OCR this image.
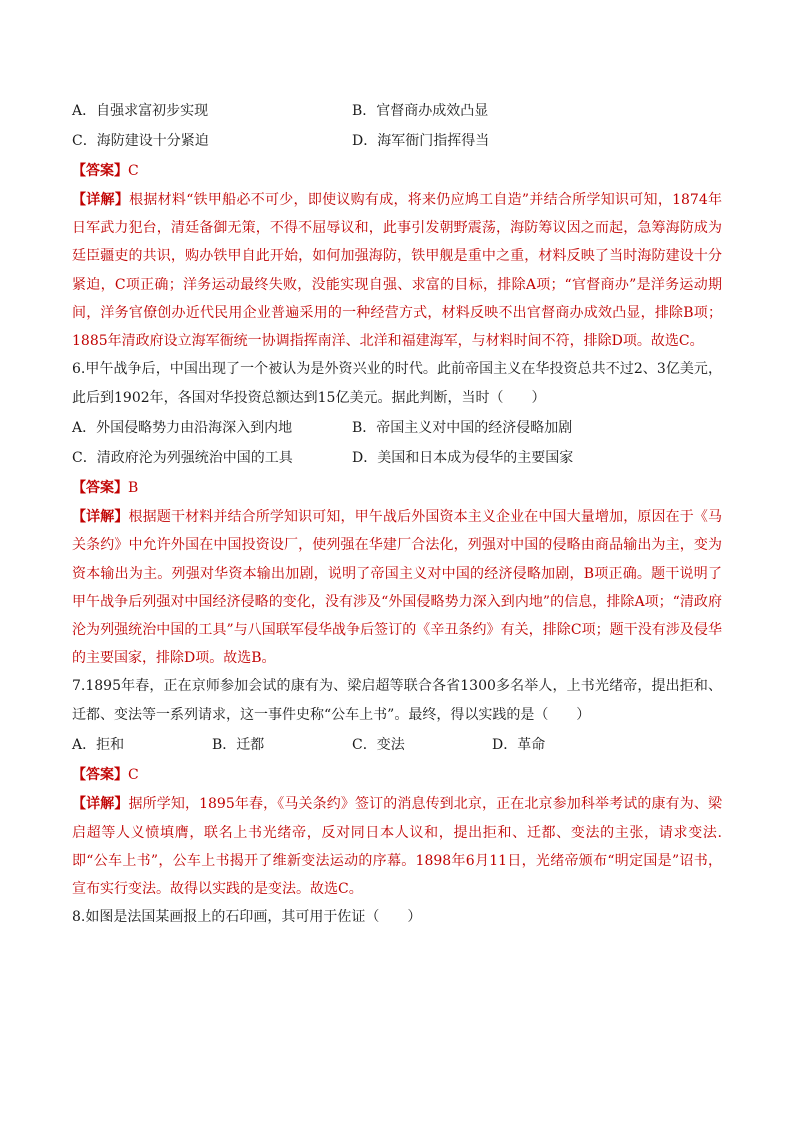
A．自强求富初步实现	B．官督商办成效凸显
C．海防建设十分紧迫	D．海军衙门指挥得当
【答案】C
【详解】根据材料“铁甲船必不可少，即使议购有成，将来仍应鸠工自造”并结合所学知识可知，1874年日军武力犯台，清廷备御无策，不得不屈辱议和，此事引发朝野震荡，海防筹议因之而起，急筹海防成为廷臣疆吏的共识，购办铁甲自此开始，如何加强海防，铁甲舰是重中之重，材料反映了当时海防建设十分紧迫，C项正确；洋务运动最终失败，没能实现自强、求富的目标，排除A项；“官督商办”是洋务运动期间，洋务官僚创办近代民用企业普遍采用的一种经营方式，材料反映不出官督商办成效凸显，排除B项；1885年清政府设立海军衙统一协调指挥南洋、北洋和福建海军，与材料时间不符，排除D项。故选C。
6.甲午战争后，中国出现了一个被认为是外资兴业的时代。此前帝国主义在华投资总共不过2、3亿美元，此后到1902年，各国对华投资总额达到15亿美元。据此判断，当时（　　）
A．外国侵略势力由沿海深入到内地	B．帝国主义对中国的经济侵略加剧
C．清政府沦为列强统治中国的工具	D．美国和日本成为侵华的主要国家
【答案】B
【详解】根据题干材料并结合所学知识可知，甲午战后外国资本主义企业在中国大量增加，原因在于《马关条约》中允许外国在中国投资设厂，使列强在华建厂合法化，列强对中国的侵略由商品输出为主，变为资本输出为主。列强对华资本输出加剧，说明了帝国主义对中国的经济侵略加剧，B项正确。题干说明了甲午战争后列强对中国经济侵略的变化，没有涉及“外国侵略势力深入到内地”的信息，排除A项；“清政府沦为列强统治中国的工具”与八国联军侵华战争后签订的《辛丑条约》有关，排除C项；题干没有涉及侵华的主要国家，排除D项。故选B。
7.1895年春，正在京师参加会试的康有为、梁启超等联合各省1300多名举人，上书光绪帝，提出拒和、迁都、变法等一系列请求，这一事件史称“公车上书”。最终，得以实践的是（　　）
A．拒和	B．迁都	C．变法	D．革命
【答案】C
【详解】据所学知，1895年春，《马关条约》签订的消息传到北京，正在北京参加科举考试的康有为、梁启超等人义愤填膺，联名上书光绪帝，反对同日本人议和，提出拒和、迁都、变法的主张，请求变法. 即“公车上书”，公车上书揭开了维新变法运动的序幕。1898年6月11日，光绪帝颁布“明定国是”诏书，宣布实行变法。故得以实践的是变法。故选C。
8.如图是法国某画报上的石印画，其可用于佐证（　　）
